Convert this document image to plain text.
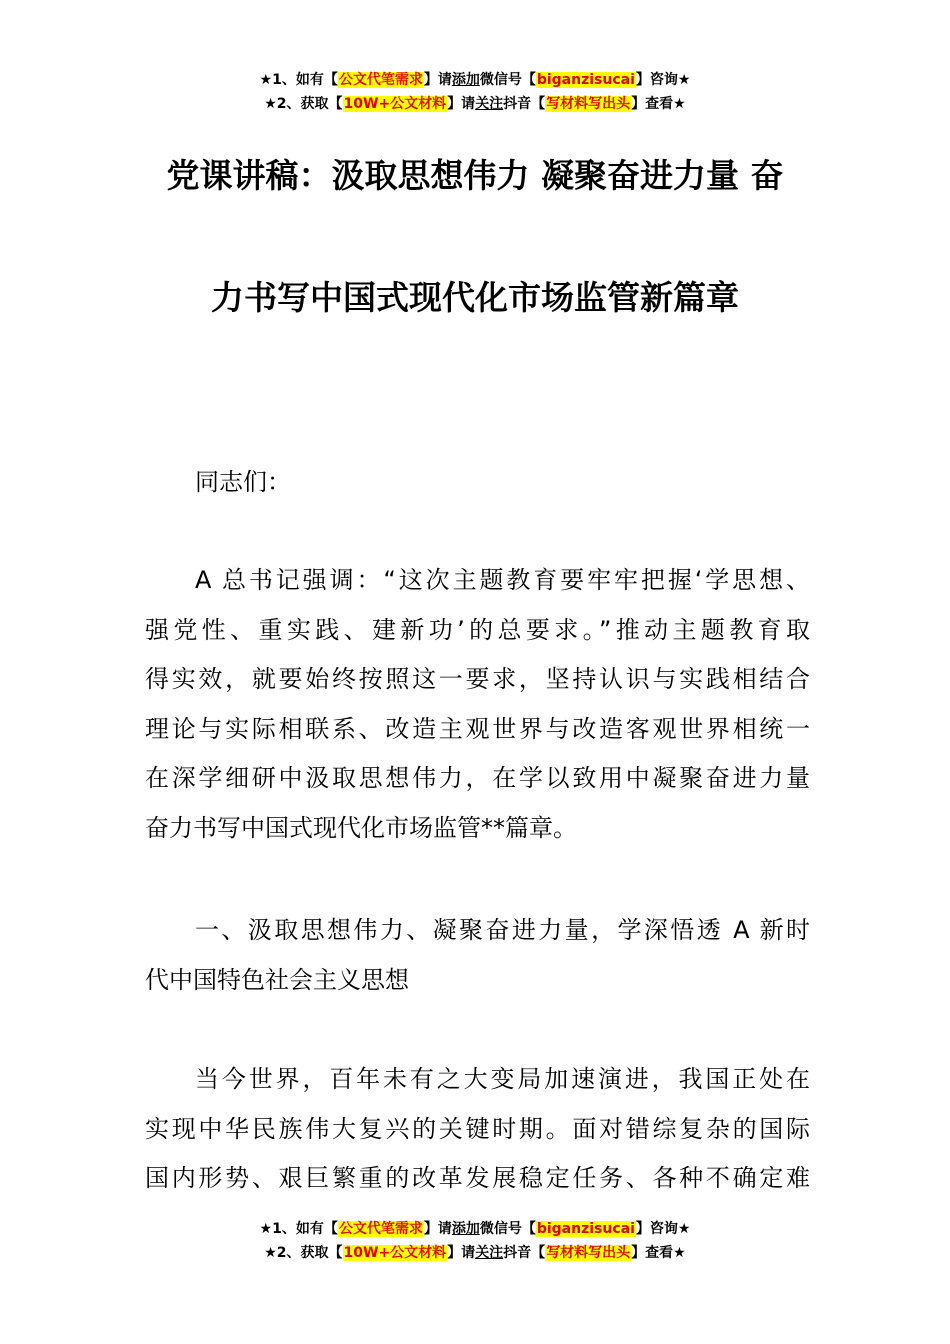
★1、如有【公文代笔需求】请添加微信号【biganzisucai】咨询★
★2、获取【10W+公文材料】请关注抖音【写材料写出头】查看★
党课讲稿：汲取思想伟力 凝聚奋进力量 奋
力书写中国式现代化市场监管新篇章
同志们：
A 总书记强调：“这次主题教育要牢牢把握‘学思想、
强党性、重实践、建新功’的总要求。”推动主题教育取
得实效，就要始终按照这一要求，坚持认识与实践相结合
理论与实际相联系、改造主观世界与改造客观世界相统一
在深学细研中汲取思想伟力，在学以致用中凝聚奋进力量
奋力书写中国式现代化市场监管**篇章。
一、汲取思想伟力、凝聚奋进力量，学深悟透 A 新时
代中国特色社会主义思想
当今世界，百年未有之大变局加速演进，我国正处在
实现中华民族伟大复兴的关键时期。面对错综复杂的国际
国内形势、艰巨繁重的改革发展稳定任务、各种不确定难
★1、如有【公文代笔需求】请添加微信号【biganzisucai】咨询★
★2、获取【10W+公文材料】请关注抖音【写材料写出头】查看★
